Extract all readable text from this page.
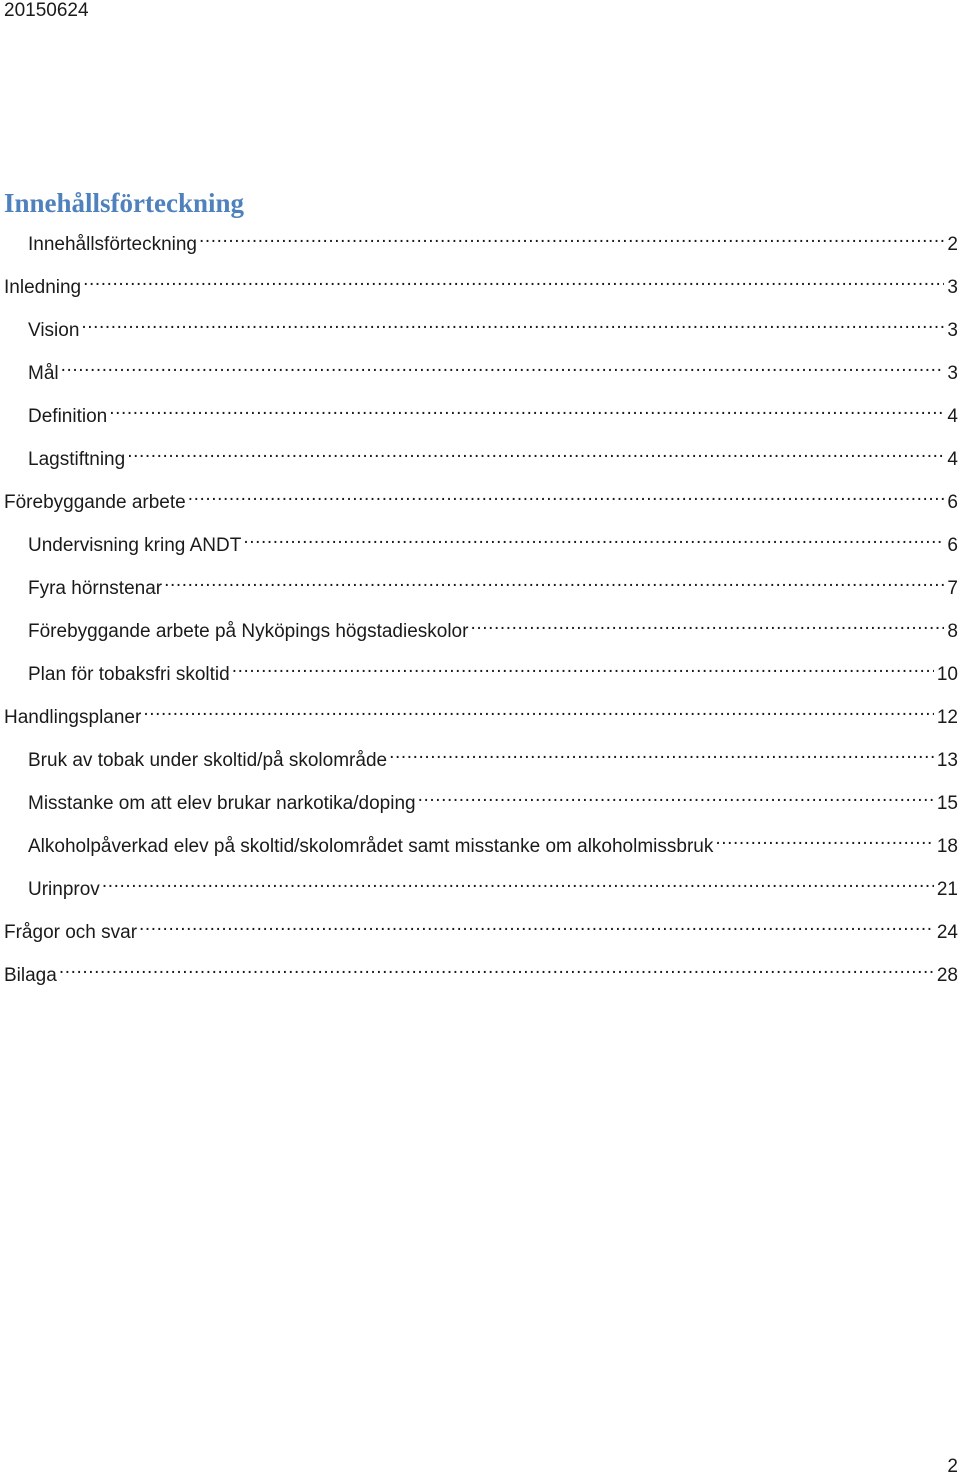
20150624
Innehållsförteckning
Innehållsförteckning .....	2
Inledning .....	3
Vision .....	3
Mål .....	3
Definition .....	4
Lagstiftning .....	4
Förebyggande arbete .....	6
Undervisning kring ANDT .....	6
Fyra hörnstenar .....	7
Förebyggande arbete på Nyköpings högstadieskolor .....	8
Plan för tobaksfri skoltid .....	10
Handlingsplaner .....	12
Bruk av tobak under skoltid/på skolområde .....	13
Misstanke om att elev brukar narkotika/doping .....	15
Alkoholpåverkad elev på skoltid/skolområdet samt misstanke om alkoholmissbruk .....	18
Urinprov .....	21
Frågor och svar .....	24
Bilaga .....	28
2
